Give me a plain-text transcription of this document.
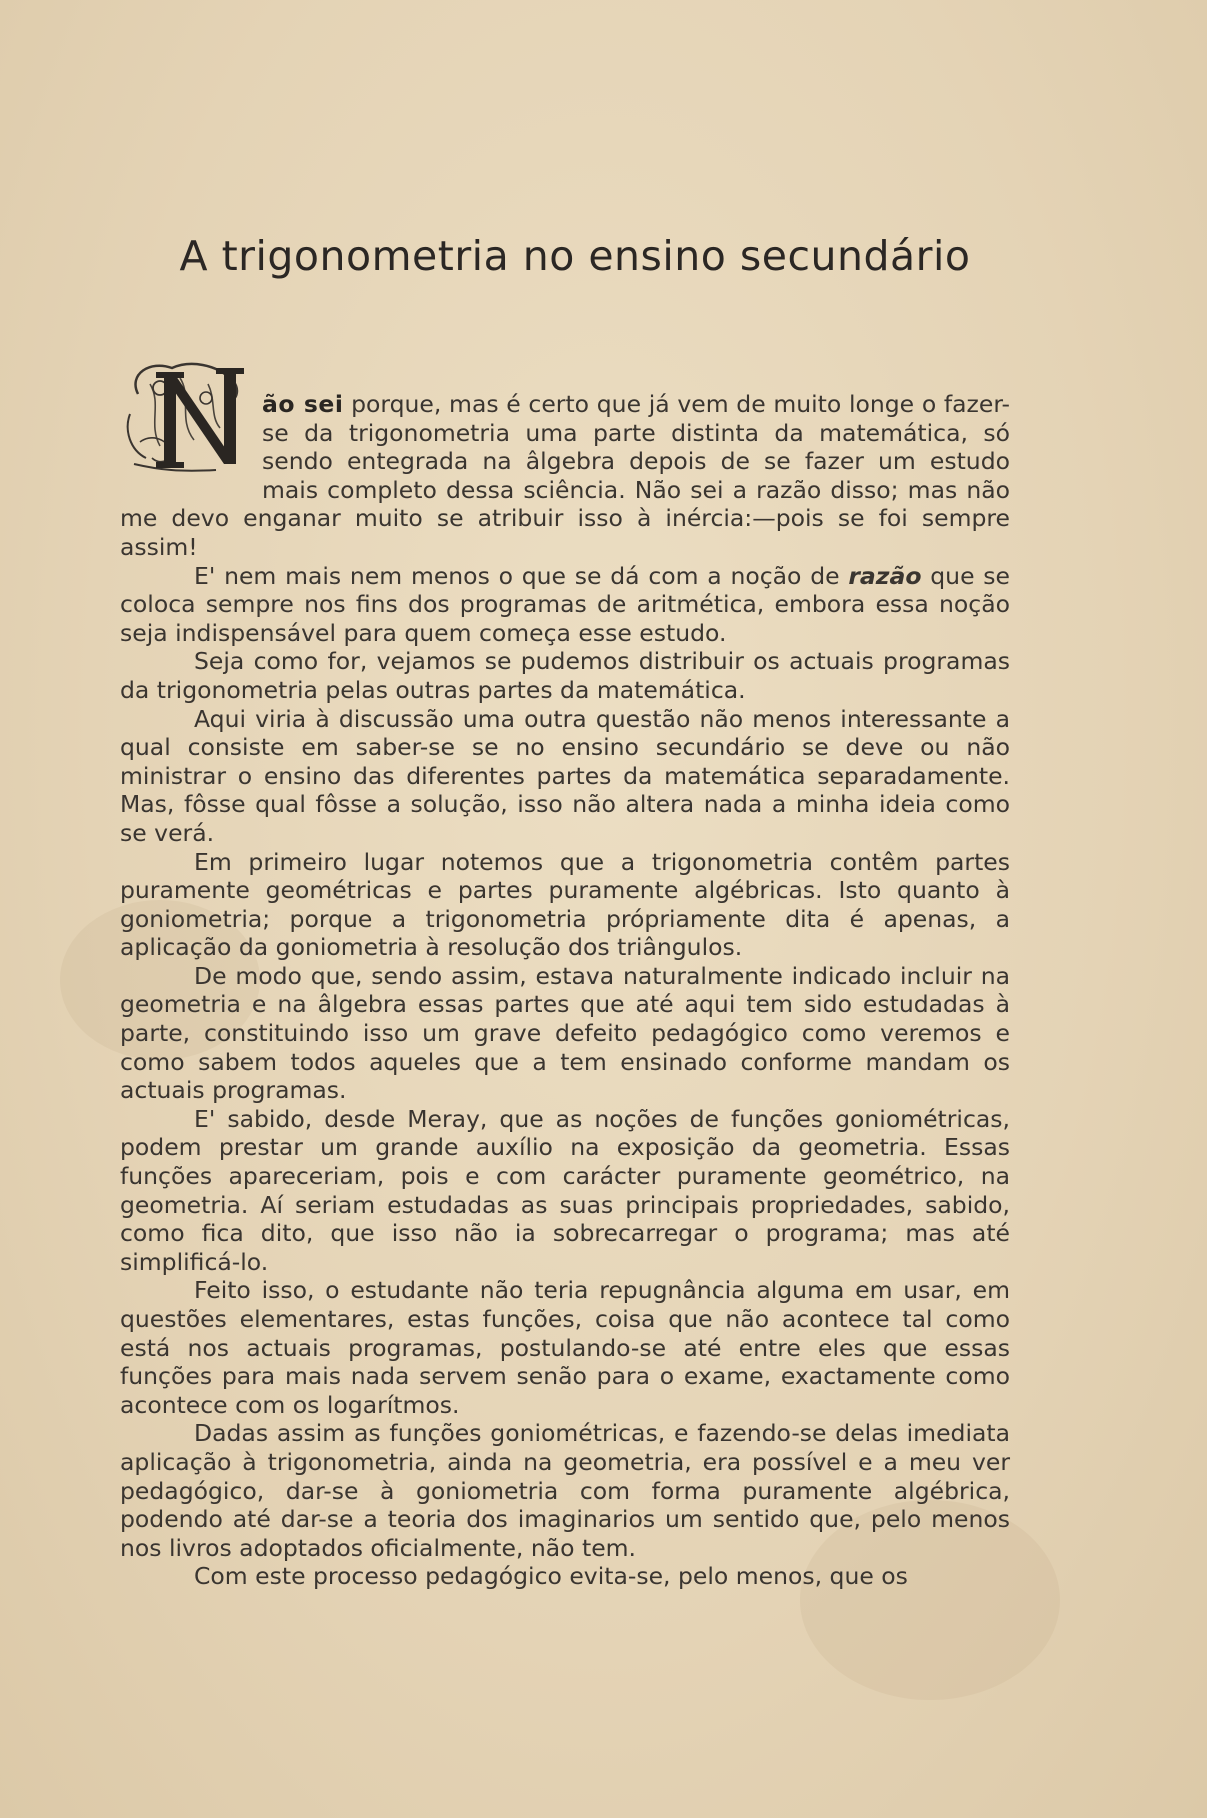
A trigonometria no ensino secundário

ão sei porque, mas é certo que já vem de muito longe o fazer-se da trigonometria uma parte distinta da matemática, só sendo entegrada na âlgebra depois de se fazer um estudo mais completo dessa sciência. Não sei a razão disso; mas não me devo enganar muito se atribuir isso à inércia:—pois se foi sempre assim!

E' nem mais nem menos o que se dá com a noção de razão que se coloca sempre nos fins dos programas de aritmética, embora essa noção seja indispensável para quem começa esse estudo.

Seja como for, vejamos se pudemos distribuir os actuais programas da trigonometria pelas outras partes da matemática.

Aqui viria à discussão uma outra questão não menos interessante a qual consiste em saber-se se no ensino secundário se deve ou não ministrar o ensino das diferentes partes da matemática separadamente. Mas, fôsse qual fôsse a solução, isso não altera nada a minha ideia como se verá.

Em primeiro lugar notemos que a trigonometria contêm partes puramente geométricas e partes puramente algébricas. Isto quanto à goniometria; porque a trigonometria própriamente dita é apenas, a aplicação da goniometria à resolução dos triângulos.

De modo que, sendo assim, estava naturalmente indicado incluir na geometria e na âlgebra essas partes que até aqui tem sido estudadas à parte, constituindo isso um grave defeito pedagógico como veremos e como sabem todos aqueles que a tem ensinado conforme mandam os actuais programas.

E' sabido, desde Meray, que as noções de funções goniométricas, podem prestar um grande auxílio na exposição da geometria. Essas funções apareceriam, pois e com carácter puramente geométrico, na geometria. Aí seriam estudadas as suas principais propriedades, sabido, como fica dito, que isso não ia sobrecarregar o programa; mas até simplificá-lo.

Feito isso, o estudante não teria repugnância alguma em usar, em questões elementares, estas funções, coisa que não acontece tal como está nos actuais programas, postulando-se até entre eles que essas funções para mais nada servem senão para o exame, exactamente como acontece com os logarítmos.

Dadas assim as funções goniométricas, e fazendo-se delas imediata aplicação à trigonometria, ainda na geometria, era possível e a meu ver pedagógico, dar-se à goniometria com forma puramente algébrica, podendo até dar-se a teoria dos imaginarios um sentido que, pelo menos nos livros adoptados oficialmente, não tem.

Com este processo pedagógico evita-se, pelo menos, que os
